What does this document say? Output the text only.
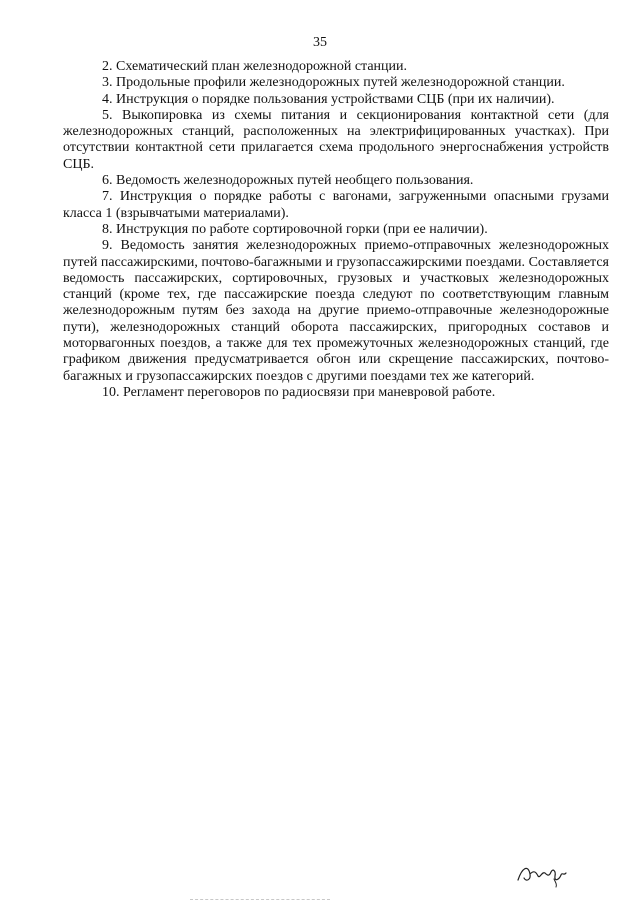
35

2. Схематический план железнодорожной станции.

3. Продольные профили железнодорожных путей железнодорожной станции.

4. Инструкция о порядке пользования устройствами СЦБ (при их наличии).

5. Выкопировка из схемы питания и секционирования контактной сети (для железнодорожных станций, расположенных на электрифицированных участках). При отсутствии контактной сети прилагается схема продольного энергоснабжения устройств СЦБ.

6. Ведомость железнодорожных путей необщего пользования.

7. Инструкция о порядке работы с вагонами, загруженными опасными грузами класса 1 (взрывчатыми материалами).

8. Инструкция по работе сортировочной горки (при ее наличии).

9. Ведомость занятия железнодорожных приемо-отправочных железнодорожных путей пассажирскими, почтово-багажными и грузопассажирскими поездами. Составляется ведомость пассажирских, сортировочных, грузовых и участковых железнодорожных станций (кроме тех, где пассажирские поезда следуют по соответствующим главным железнодорожным путям без захода на другие приемо-отправочные железнодорожные пути), железнодорожных станций оборота пассажирских, пригородных составов и моторвагонных поездов, а также для тех промежуточных железнодорожных станций, где графиком движения предусматривается обгон или скрещение пассажирских, почтово-багажных и грузопассажирских поездов с другими поездами тех же категорий.

10. Регламент переговоров по радиосвязи при маневровой работе.
